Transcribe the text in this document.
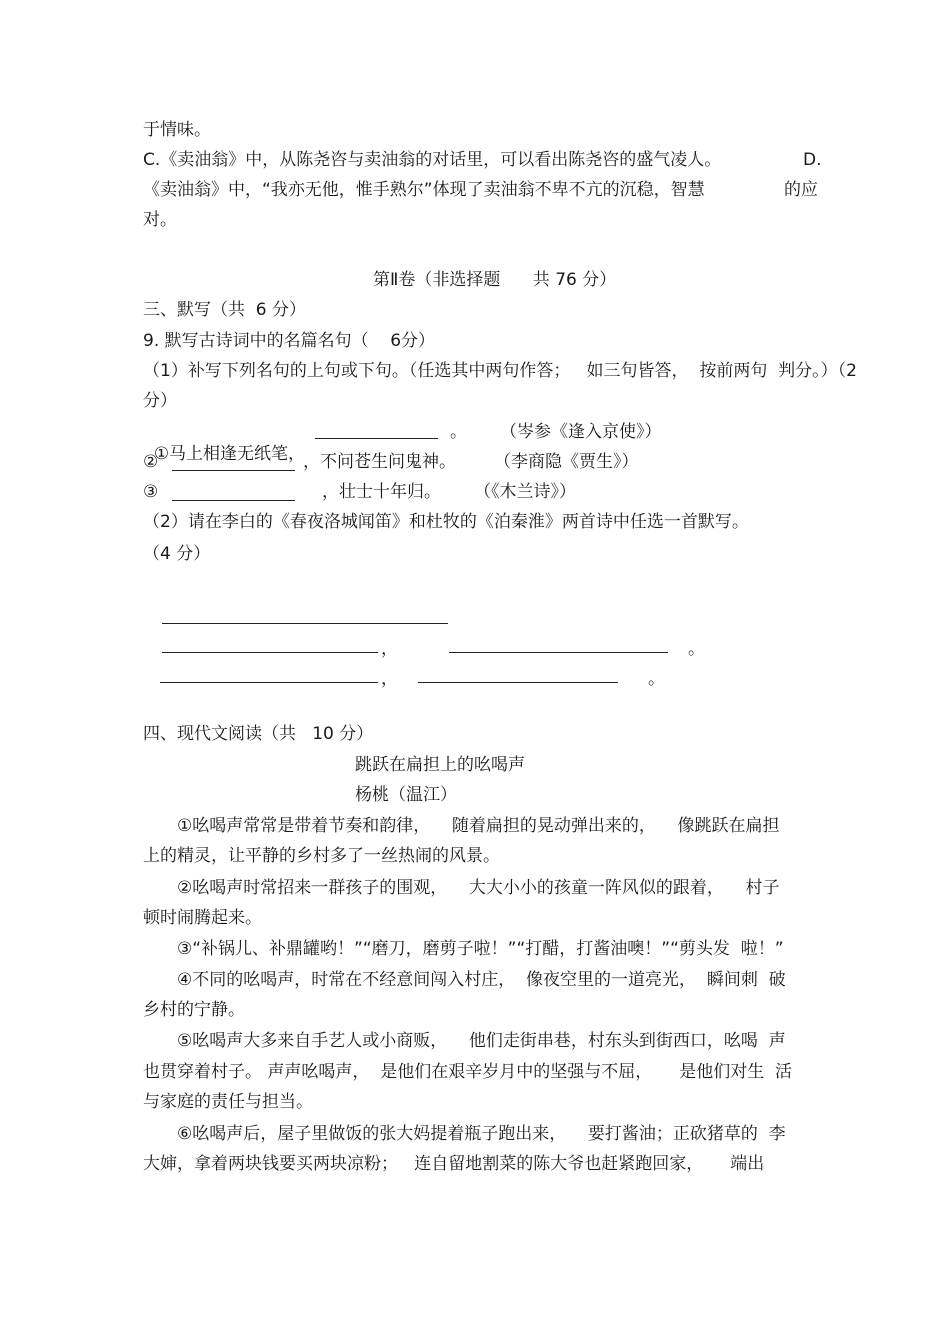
于情味。
C.《卖油翁》中，从陈尧咨与卖油翁的对话里，可以看出陈尧咨的盛气凌人。	D.
《卖油翁》中，“我亦无他，惟手熟尔”体现了卖油翁不卑不亢的沉稳，智慧	的应
对。
第Ⅱ卷（非选择题      共 76 分）
三、默写（共  6 分）
9. 默写古诗词中的名篇名句（    6分）
（1）补写下列名句的上句或下句。（任选其中两句作答；   如三句皆答，  按前两句  判分。）（2
分）

①马上相逢无纸笔，

。 （岑参《逢入京使》）
②	，不问苍生问鬼神。 （李商隐《贾生》）
③	，壮士十年归。 （《木兰诗》）
（2）请在李白的《春夜洛城闻笛》和杜牧的《泊秦淮》两首诗中任选一首默写。
（4 分）
，	。
，	。
四、现代文阅读（共   10 分）
跳跃在扁担上的吆喝声
杨桃（温江）
①吆喝声常常是带着节奏和韵律，    随着扁担的晃动弹出来的，    像跳跃在扁担
上的精灵，让平静的乡村多了一丝热闹的风景。
②吆喝声时常招来一群孩子的围观，    大大小小的孩童一阵风似的跟着，    村子
顿时闹腾起来。
③“补锅儿、补鼎罐哟！”“磨刀，磨剪子啦！”“打醋，打酱油噢！”“剪头发  啦！”
④不同的吆喝声，时常在不经意间闯入村庄，  像夜空里的一道亮光，  瞬间刺  破
乡村的宁静。
⑤吆喝声大多来自手艺人或小商贩，    他们走街串巷，村东头到街西口，吆喝  声
也贯穿着村子。 声声吆喝声，  是他们在艰辛岁月中的坚强与不屈，     是他们对生  活
与家庭的责任与担当。
⑥吆喝声后，屋子里做饭的张大妈提着瓶子跑出来，    要打酱油；正砍猪草的  李
大婶，拿着两块钱要买两块凉粉；   连自留地割菜的陈大爷也赶紧跑回家，     端出
